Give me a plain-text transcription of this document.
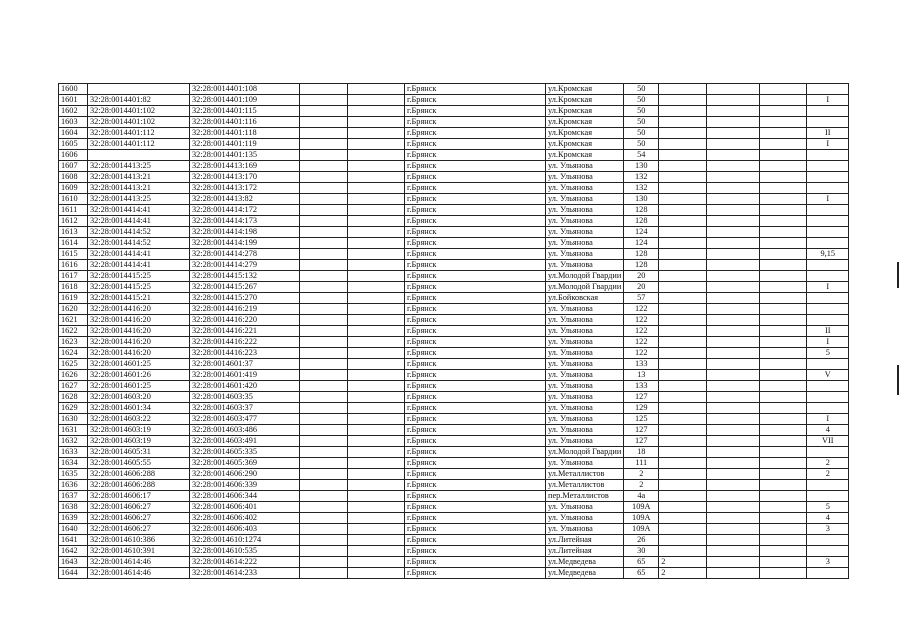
1600		32:28:0014401:108			г.Брянск	ул.Кромская	50				
1601	32:28:0014401:82	32:28:0014401:109			г.Брянск	ул.Кромская	50				I
1602	32:28:0014401:102	32:28:0014401:115			г.Брянск	ул.Кромская	50				
1603	32:28:0014401:102	32:28:0014401:116			г.Брянск	ул.Кромская	50				
1604	32:28:0014401:112	32:28:0014401:118			г.Брянск	ул.Кромская	50				II
1605	32:28:0014401:112	32:28:0014401:119			г.Брянск	ул.Кромская	50				I
1606		32:28:0014401:135			г.Брянск	ул.Кромская	54				
1607	32:28:0014413:25	32:28:0014413:169			г.Брянск	ул. Ульянова	130				
1608	32:28:0014413:21	32:28:0014413:170			г.Брянск	ул. Ульянова	132				
1609	32:28:0014413:21	32:28:0014413:172			г.Брянск	ул. Ульянова	132				
1610	32:28:0014413:25	32:28:0014413:82			г.Брянск	ул. Ульянова	130				I
1611	32:28:0014414:41	32:28:0014414:172			г.Брянск	ул. Ульянова	128				
1612	32:28:0014414:41	32:28:0014414:173			г.Брянск	ул. Ульянова	128				
1613	32:28:0014414:52	32:28:0014414:198			г.Брянск	ул. Ульянова	124				
1614	32:28:0014414:52	32:28:0014414:199			г.Брянск	ул. Ульянова	124				
1615	32:28:0014414:41	32:28:0014414:278			г.Брянск	ул. Ульянова	128				9,15
1616	32:28:0014414:41	32:28:0014414:279			г.Брянск	ул. Ульянова	128				
1617	32:28:0014415:25	32:28:0014415:132			г.Брянск	ул.Молодой Гвардии	20				
1618	32:28:0014415:25	32:28:0014415:267			г.Брянск	ул.Молодой Гвардии	20				I
1619	32:28:0014415:21	32:28:0014415:270			г.Брянск	ул.Бойковская	57				
1620	32:28:0014416:20	32:28:0014416:219			г.Брянск	ул. Ульянова	122				
1621	32:28:0014416:20	32:28:0014416:220			г.Брянск	ул. Ульянова	122				
1622	32:28:0014416:20	32:28:0014416:221			г.Брянск	ул. Ульянова	122				II
1623	32:28:0014416:20	32:28:0014416:222			г.Брянск	ул. Ульянова	122				I
1624	32:28:0014416:20	32:28:0014416:223			г.Брянск	ул. Ульянова	122				5
1625	32:28:0014601:25	32:28:0014601:37			г.Брянск	ул. Ульянова	133				
1626	32:28:0014601:26	32:28:0014601:419			г.Брянск	ул. Ульянова	13				V
1627	32:28:0014601:25	32:28:0014601:420			г.Брянск	ул. Ульянова	133				
1628	32:28:0014603:20	32:28:0014603:35			г.Брянск	ул. Ульянова	127				
1629	32:28:0014601:34	32:28:0014603:37			г.Брянск	ул. Ульянова	129				
1630	32:28:0014603:22	32:28:0014603:477			г.Брянск	ул. Ульянова	125				I
1631	32:28:0014603:19	32:28:0014603:486			г.Брянск	ул. Ульянова	127				4
1632	32:28:0014603:19	32:28:0014603:491			г.Брянск	ул. Ульянова	127				VII
1633	32:28:0014605:31	32:28:0014605:335			г.Брянск	ул.Молодой Гвардии	18				
1634	32:28:0014605:55	32:28:0014605:369			г.Брянск	ул. Ульянова	111				2
1635	32:28:0014606:288	32:28:0014606:290			г.Брянск	ул.Металлистов	2				2
1636	32:28:0014606:288	32:28:0014606:339			г.Брянск	ул.Металлистов	2				
1637	32:28:0014606:17	32:28:0014606:344			г.Брянск	пер.Металлистов	4а				
1638	32:28:0014606:27	32:28:0014606:401			г.Брянск	ул. Ульянова	109А				5
1639	32:28:0014606:27	32:28:0014606:402			г.Брянск	ул. Ульянова	109А				4
1640	32:28:0014606:27	32:28:0014606:403			г.Брянск	ул. Ульянова	109А				3
1641	32:28:0014610:386	32:28:0014610:1274			г.Брянск	ул.Литейная	26				
1642	32:28:0014610:391	32:28:0014610:535			г.Брянск	ул.Литейная	30				
1643	32:28:0014614:46	32:28:0014614:222			г.Брянск	ул.Медведева	65	2			3
1644	32:28:0014614:46	32:28:0014614:233			г.Брянск	ул.Медведева	65	2			
